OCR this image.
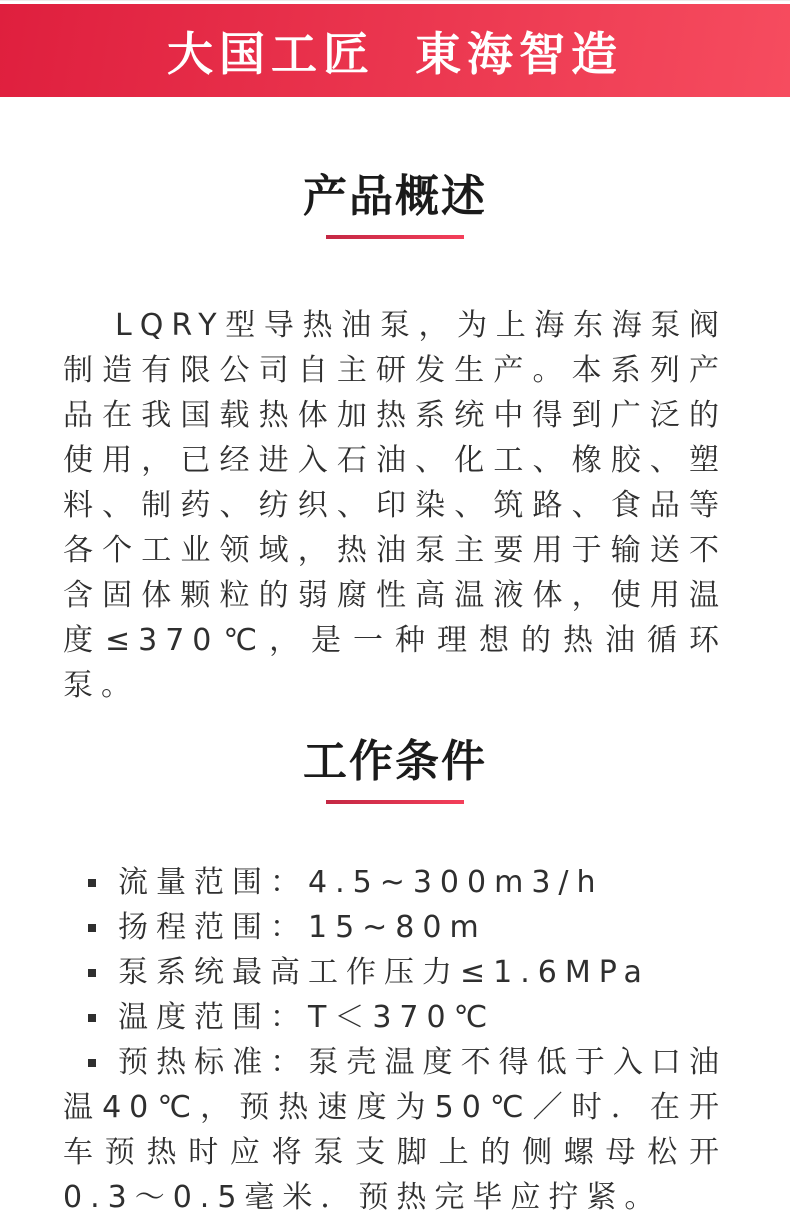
大国工匠 東海智造
产品概述

LQRY型导热油泵，为上海东海泵阀制造有限公司自主研发生产。本系列产品在我国载热体加热系统中得到广泛的使用，已经进入石油、化工、橡胶、塑料、制药、纺织、印染、筑路、食品等各个工业领域，热油泵主要用于输送不含固体颗粒的弱腐性高温液体，使用温度≤370℃，是一种理想的热油循环泵。

工作条件
流量范围：4.5~300m3/h
扬程范围：15~80m
泵系统最高工作压力≤1.6MPa
温度范围：T＜370℃
预热标准：泵壳温度不得低于入口油温40℃，预热速度为50℃／时．在开车预热时应将泵支脚上的侧螺母松开0.3～0.5毫米．预热完毕应拧紧。
